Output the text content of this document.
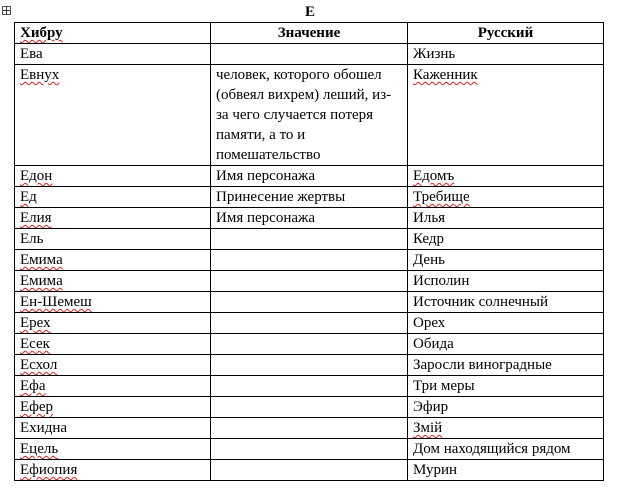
Е
Хибру	Значение	Русский
Ева		Жизнь
Евнух	человек, которого обошел (обвеял вихрем) леший, из-за чего случается потеря памяти, а то и помешательство	Каженник
Едон	Имя персонажа	Едомъ
Ед	Принесение жертвы	Требище
Елия	Имя персонажа	Илья
Ель		Кедр
Емима		День
Емима		Исполин
Ен-Шемеш		Источник солнечный
Ерех		Орех
Есек		Обида
Есхол		Заросли виноградные
Ефа		Три меры
Ефер		Эфир
Ехидна		Змій
Ецель		Дом находящийся рядом
Ефиопия		Мурин
